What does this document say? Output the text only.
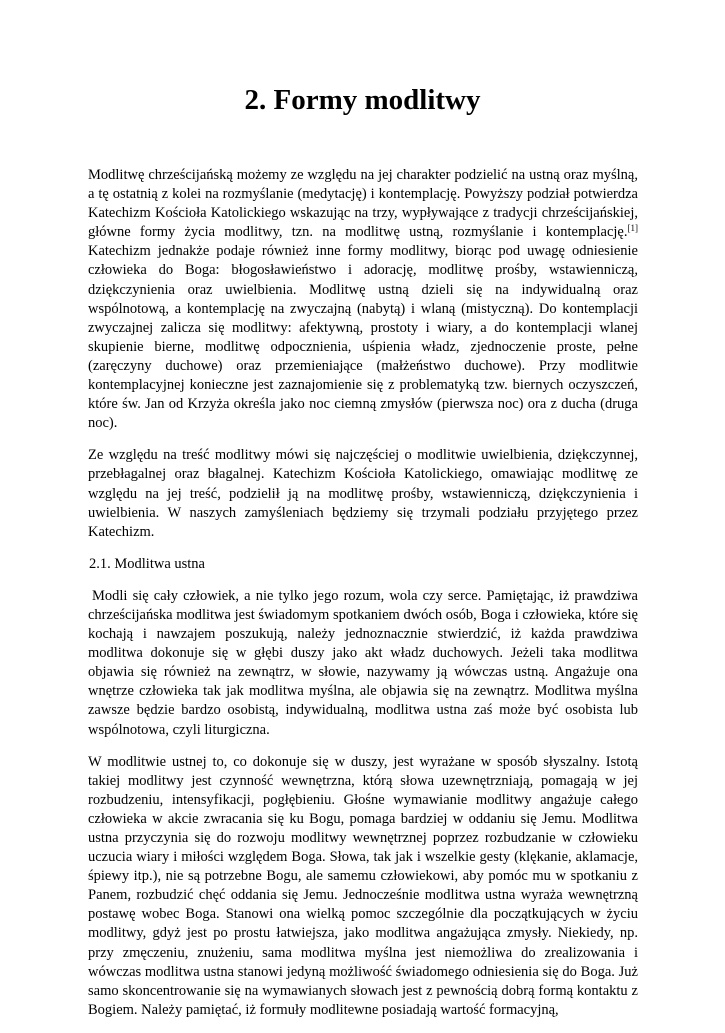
2. Formy modlitwy

Modlitwę chrześcijańską możemy ze względu na jej charakter podzielić na ustną oraz myślną, a tę ostatnią z kolei na rozmyślanie (medytację) i kontemplację. Powyższy podział potwierdza Katechizm Kościoła Katolickiego wskazując na trzy, wypływające z tradycji chrześcijańskiej, główne formy życia modlitwy, tzn. na modlitwę ustną, rozmyślanie i kontemplację.[1] Katechizm jednakże podaje również inne formy modlitwy, biorąc pod uwagę odniesienie człowieka do Boga: błogosławieństwo i adorację, modlitwę prośby, wstawienniczą, dziękczynienia oraz uwielbienia. Modlitwę ustną dzieli się na indywidualną oraz wspólnotową, a kontemplację na zwyczajną (nabytą) i wlaną (mistyczną). Do kontemplacji zwyczajnej zalicza się modlitwy: afektywną, prostoty i wiary, a do kontemplacji wlanej skupienie bierne, modlitwę odpocznienia, uśpienia władz, zjednoczenie proste, pełne (zaręczyny duchowe) oraz przemieniające (małżeństwo duchowe). Przy modlitwie kontemplacyjnej konieczne jest zaznajomienie się z problematyką tzw. biernych oczyszczeń, które św. Jan od Krzyża określa jako noc ciemną zmysłów (pierwsza noc) ora z ducha (druga noc).

Ze względu na treść modlitwy mówi się najczęściej o modlitwie uwielbienia, dziękczynnej, przebłagalnej oraz błagalnej. Katechizm Kościoła Katolickiego, omawiając modlitwę ze względu na jej treść, podzielił ją na modlitwę prośby, wstawienniczą, dziękczynienia i uwielbienia. W naszych zamyśleniach będziemy się trzymali podziału przyjętego przez Katechizm.

2.1. Modlitwa ustna

Modli się cały człowiek, a nie tylko jego rozum, wola czy serce. Pamiętając, iż prawdziwa chrześcijańska modlitwa jest świadomym spotkaniem dwóch osób, Boga i człowieka, które się kochają i nawzajem poszukują, należy jednoznacznie stwierdzić, iż każda prawdziwa modlitwa dokonuje się w głębi duszy jako akt władz duchowych. Jeżeli taka modlitwa objawia się również na zewnątrz, w słowie, nazywamy ją wówczas ustną. Angażuje ona wnętrze człowieka tak jak modlitwa myślna, ale objawia się na zewnątrz. Modlitwa myślna zawsze będzie bardzo osobistą, indywidualną, modlitwa ustna zaś może być osobista lub wspólnotowa, czyli liturgiczna.

W modlitwie ustnej to, co dokonuje się w duszy, jest wyrażane w sposób słyszalny. Istotą takiej modlitwy jest czynność wewnętrzna, którą słowa uzewnętrzniają, pomagają w jej rozbudzeniu, intensyfikacji, pogłębieniu. Głośne wymawianie modlitwy angażuje całego człowieka w akcie zwracania się ku Bogu, pomaga bardziej w oddaniu się Jemu. Modlitwa ustna przyczynia się do rozwoju modlitwy wewnętrznej poprzez rozbudzanie w człowieku uczucia wiary i miłości względem Boga. Słowa, tak jak i wszelkie gesty (klękanie, aklamacje, śpiewy itp.), nie są potrzebne Bogu, ale samemu człowiekowi, aby pomóc mu w spotkaniu z Panem, rozbudzić chęć oddania się Jemu. Jednocześnie modlitwa ustna wyraża wewnętrzną postawę wobec Boga. Stanowi ona wielką pomoc szczególnie dla początkujących w życiu modlitwy, gdyż jest po prostu łatwiejsza, jako modlitwa angażująca zmysły. Niekiedy, np. przy zmęczeniu, znużeniu, sama modlitwa myślna jest niemożliwa do zrealizowania i wówczas modlitwa ustna stanowi jedyną możliwość świadomego odniesienia się do Boga. Już samo skoncentrowanie się na wymawianych słowach jest z pewnością dobrą formą kontaktu z Bogiem. Należy pamiętać, iż formuły modlitewne posiadają wartość formacyjną,
